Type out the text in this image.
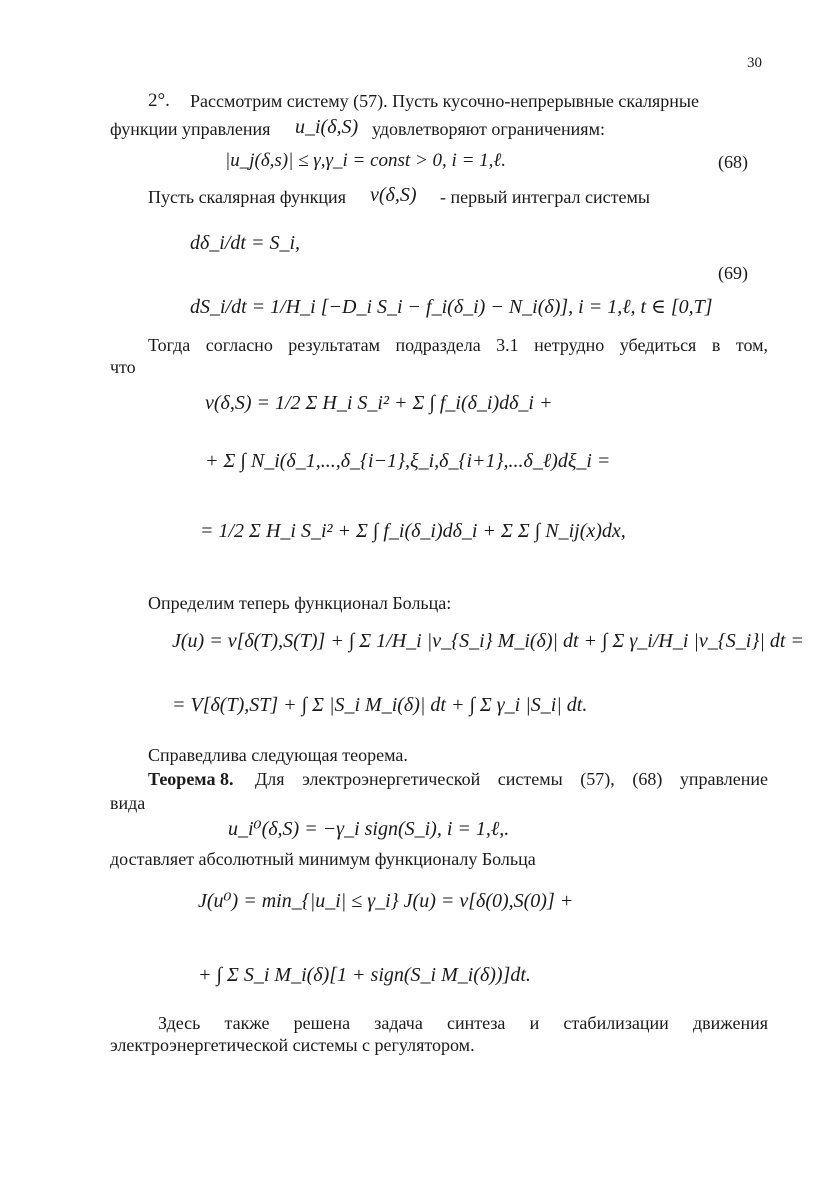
30
2°. Рассмотрим систему (57). Пусть кусочно-непрерывные скалярные
функции управления u_i(δ,S) удовлетворяют ограничениям:
|u_j(δ,s)| ≤ γ,γ_i = const > 0, i = 1,ℓ.	(68)
Пусть скалярная функция v(δ,S) - первый интеграл системы
dδ_i/dt = S_i,
dS_i/dt = 1/H_i [−D_i S_i − f_i(δ_i) − N_i(δ)], i = 1,ℓ, t ∈ [0,T]
(69)
Тогда согласно результатам подраздела 3.1 нетрудно убедиться в том,
что
v(δ,S) = 1/2 Σ H_i S_i² + Σ ∫ f_i(δ_i)dδ_i +
+ Σ ∫ N_i(δ_1,...,δ_{i−1},ξ_i,δ_{i+1},...δ_ℓ)dξ_i =
= 1/2 Σ H_i S_i² + Σ ∫ f_i(δ_i)dδ_i + Σ Σ ∫ N_ij(x)dx,
Определим теперь функционал Больца:
J(u) = v[δ(T),S(T)] + ∫ Σ 1/H_i |v_{S_i} M_i(δ)| dt + ∫ Σ γ_i/H_i |v_{S_i}| dt =
= V[δ(T),ST] + ∫ Σ |S_i M_i(δ)| dt + ∫ Σ γ_i |S_i| dt.
Справедлива следующая теорема.
Теорема 8. Для электроэнергетической системы (57), (68) управление
вида
u_i⁰(δ,S) = −γ_i sign(S_i), i = 1,ℓ,.
доставляет абсолютный минимум функционалу Больца
J(u⁰) = min_{|u_i| ≤ γ_i} J(u) = v[δ(0),S(0)] +
+ ∫ Σ S_i M_i(δ)[1 + sign(S_i M_i(δ))]dt.
Здесь также решена задача синтеза и стабилизации движения
электроэнергетической системы с регулятором.
